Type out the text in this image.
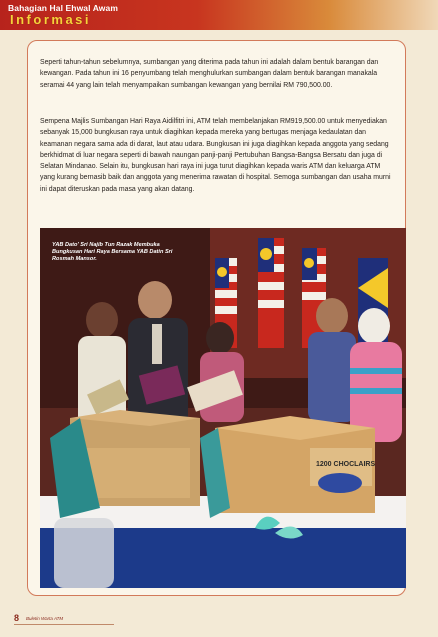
Bahagian Hal Ehwal Awam
Informasi

Seperti tahun-tahun sebelumnya, sumbangan yang diterima pada tahun ini adalah dalam bentuk barangan dan kewangan. Pada tahun ini 16 penyumbang telah menghulurkan sumbangan dalam bentuk barangan manakala seramai 44 yang lain telah menyampaikan sumbangan kewangan yang bernilai RM 790,500.00.

Sempena Majlis Sumbangan Hari Raya Aidilfitri ini, ATM telah membelanjakan RM919,500.00 untuk menyediakan sebanyak 15,000 bungkusan raya untuk diagihkan kepada mereka yang bertugas menjaga kedaulatan dan keamanan negara sama ada di darat, laut atau udara. Bungkusan ini juga diagihkan kepada anggota yang sedang berkhidmat di luar negara seperti di bawah naungan panji-panji Pertubuhan Bangsa-Bangsa Bersatu dan juga di Selatan Mindanao. Selain itu, bungkusan hari raya ini juga turut diagihkan kepada waris ATM dan keluarga ATM yang kurang bernasib baik dan anggota yang menerima rawatan di hospital. Semoga sumbangan dan usaha murni ini dapat diteruskan pada masa yang akan datang.

1200 CHOCLAIRS
YAB Dato' Sri Najib Tun Razak Membuka Bungkusan Hari Raya Bersama YAB Datin Sri Rosmah Mansor.
8 Buletin Warta ATM
